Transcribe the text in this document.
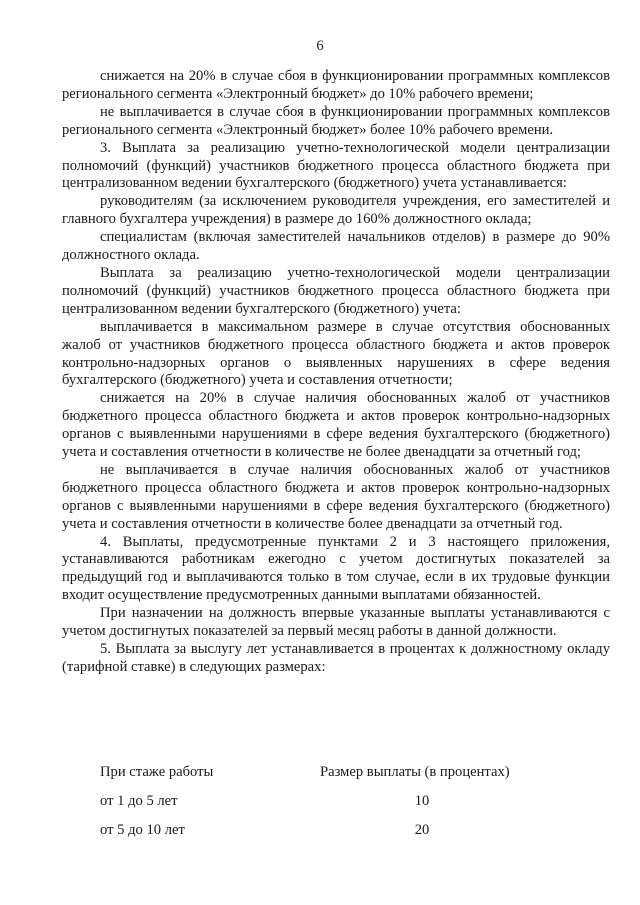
6

снижается на 20% в случае сбоя в функционировании программных комплексов регионального сегмента «Электронный бюджет» до 10% рабочего времени;

не выплачивается в случае сбоя в функционировании программных комплексов регионального сегмента «Электронный бюджет» более 10% рабочего времени.

3. Выплата за реализацию учетно-технологической модели централизации полномочий (функций) участников бюджетного процесса областного бюджета при централизованном ведении бухгалтерского (бюджетного) учета устанавливается:

руководителям (за исключением руководителя учреждения, его заместителей и главного бухгалтера учреждения) в размере до 160% должностного оклада;

специалистам (включая заместителей начальников отделов) в размере до 90% должностного оклада.

Выплата за реализацию учетно-технологической модели централизации полномочий (функций) участников бюджетного процесса областного бюджета при централизованном ведении бухгалтерского (бюджетного) учета:

выплачивается в максимальном размере в случае отсутствия обоснованных жалоб от участников бюджетного процесса областного бюджета и актов проверок контрольно-надзорных органов о выявленных нарушениях в сфере ведения бухгалтерского (бюджетного) учета и составления отчетности;

снижается на 20% в случае наличия обоснованных жалоб от участников бюджетного процесса областного бюджета и актов проверок контрольно-надзорных органов с выявленными нарушениями в сфере ведения бухгалтерского (бюджетного) учета и составления отчетности в количестве не более двенадцати за отчетный год;

не выплачивается в случае наличия обоснованных жалоб от участников бюджетного процесса областного бюджета и актов проверок контрольно-надзорных органов с выявленными нарушениями в сфере ведения бухгалтерского (бюджетного) учета и составления отчетности в количестве более двенадцати за отчетный год.

4. Выплаты, предусмотренные пунктами 2 и 3 настоящего приложения, устанавливаются работникам ежегодно с учетом достигнутых показателей за предыдущий год и выплачиваются только в том случае, если в их трудовые функции входит осуществление предусмотренных данными выплатами обязанностей.

При назначении на должность впервые указанные выплаты устанавливаются с учетом достигнутых показателей за первый месяц работы в данной должности.

5. Выплата за выслугу лет устанавливается в процентах к должностному окладу (тарифной ставке) в следующих размерах:

При стаже работы	Размер выплаты (в процентах)
от 1 до 5 лет	10
от 5 до 10 лет	20
